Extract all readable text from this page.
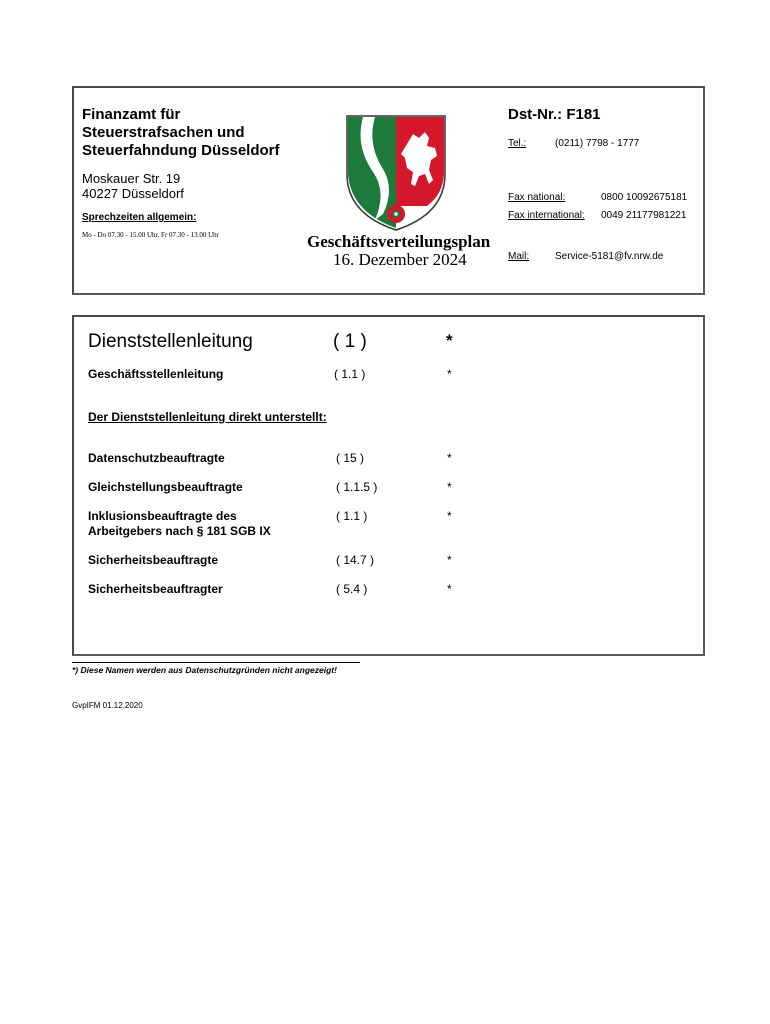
Finanzamt für
Steuerstrafsachen und
Steuerfahndung Düsseldorf
Moskauer Str. 19
40227 Düsseldorf
Sprechzeiten allgemein:
Mo - Do 07.30 - 15.00 Uhr, Fr 07.30 - 13.00 Uhr	Geschäftsverteilungsplan
16. Dezember 2024
Dst-Nr.: F181
Tel.:	(0211) 7798 - 1777
Fax national:	0800 10092675181
Fax international: 0049 21177981221
Mail:	Service-5181@fv.nrw.de
Dienststellenleitung	( 1 )	*
Geschäftsstellenleitung	( 1.1 )	*
Der Dienststellenleitung direkt unterstellt:
Datenschutzbeauftragte	( 15 )	*
Gleichstellungsbeauftragte	( 1.1.5 )	*
Inklusionsbeauftragte des
Arbeitgebers nach § 181 SGB IX
( 1.1 )	*
Sicherheitsbeauftragte	( 14.7 )	*
Sicherheitsbeauftragter	( 5.4 )	*
*) Diese Namen werden aus Datenschutzgründen nicht angezeigt!
GvpIFM 01.12.2020
